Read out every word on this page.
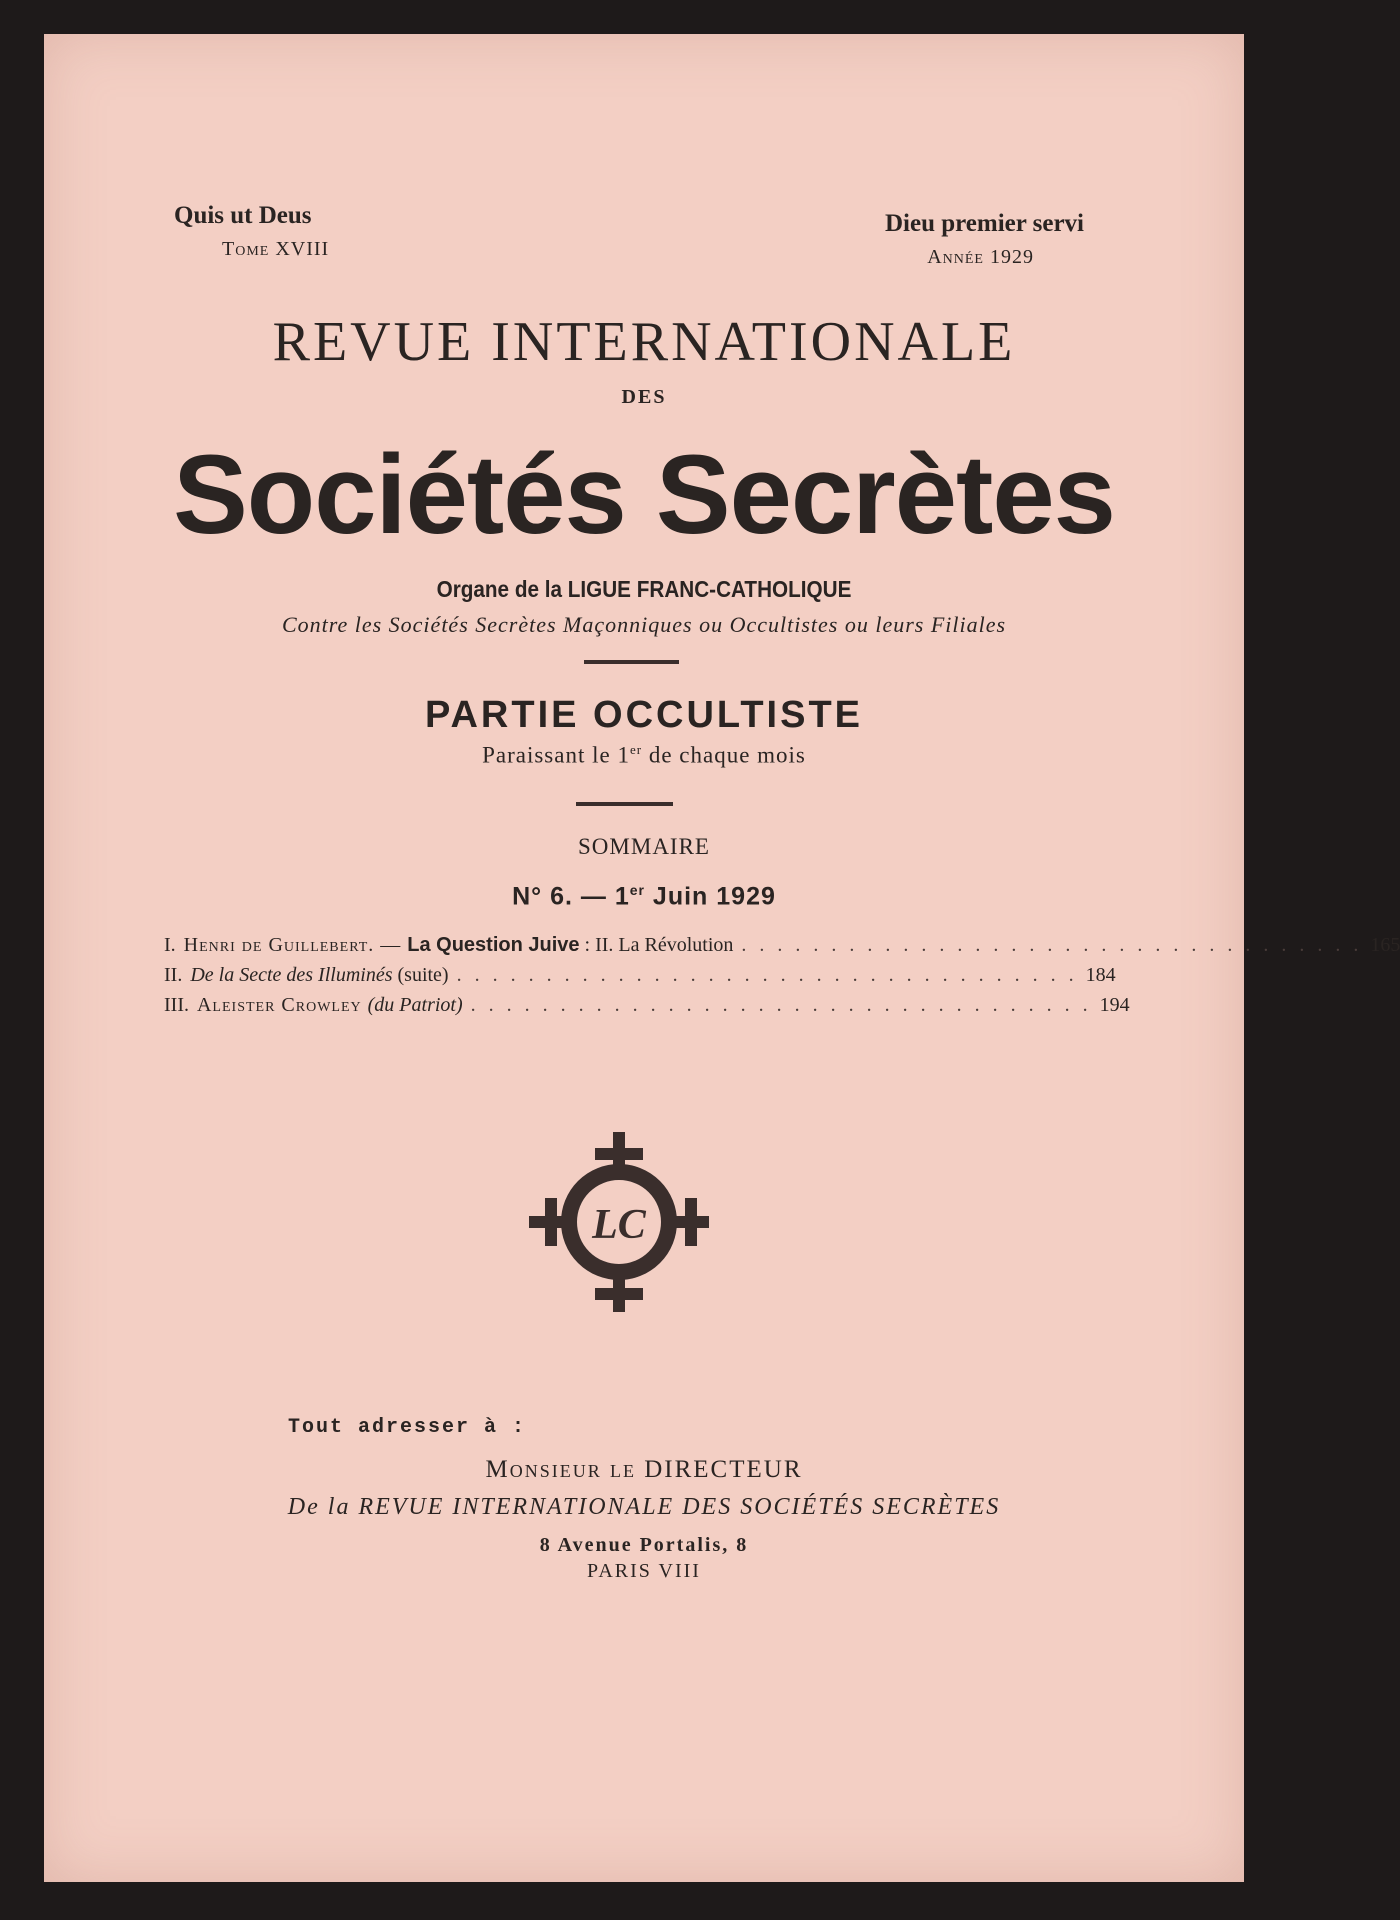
Quis ut Deus
Tome XVIII
Dieu premier servi
Année 1929
REVUE INTERNATIONALE
DES
Sociétés Secrètes
Organe de la LIGUE FRANC-CATHOLIQUE
Contre les Sociétés Secrètes Maçonniques ou Occultistes ou leurs Filiales
PARTIE OCCULTISTE
Paraissant le 1er de chaque mois
SOMMAIRE
N° 6. — 1er Juin 1929
I. Henri de Guillebert. — La Question Juive : II. La Révolution . . . . . . . . . . . . . . . . . . . . . . . . . . . . . . . . . . . 165
II. De la Secte des Illuminés (suite) . . . . . . . . . . . . . . . . . . . . . . . . . . . . . . . . . . . 184
III. Aleister Crowley (du Patriot) . . . . . . . . . . . . . . . . . . . . . . . . . . . . . . . . . . . 194
LC
Tout adresser à :
Monsieur le DIRECTEUR
De la REVUE INTERNATIONALE DES SOCIÉTÉS SECRÈTES
8 Avenue Portalis, 8
PARIS VIII
